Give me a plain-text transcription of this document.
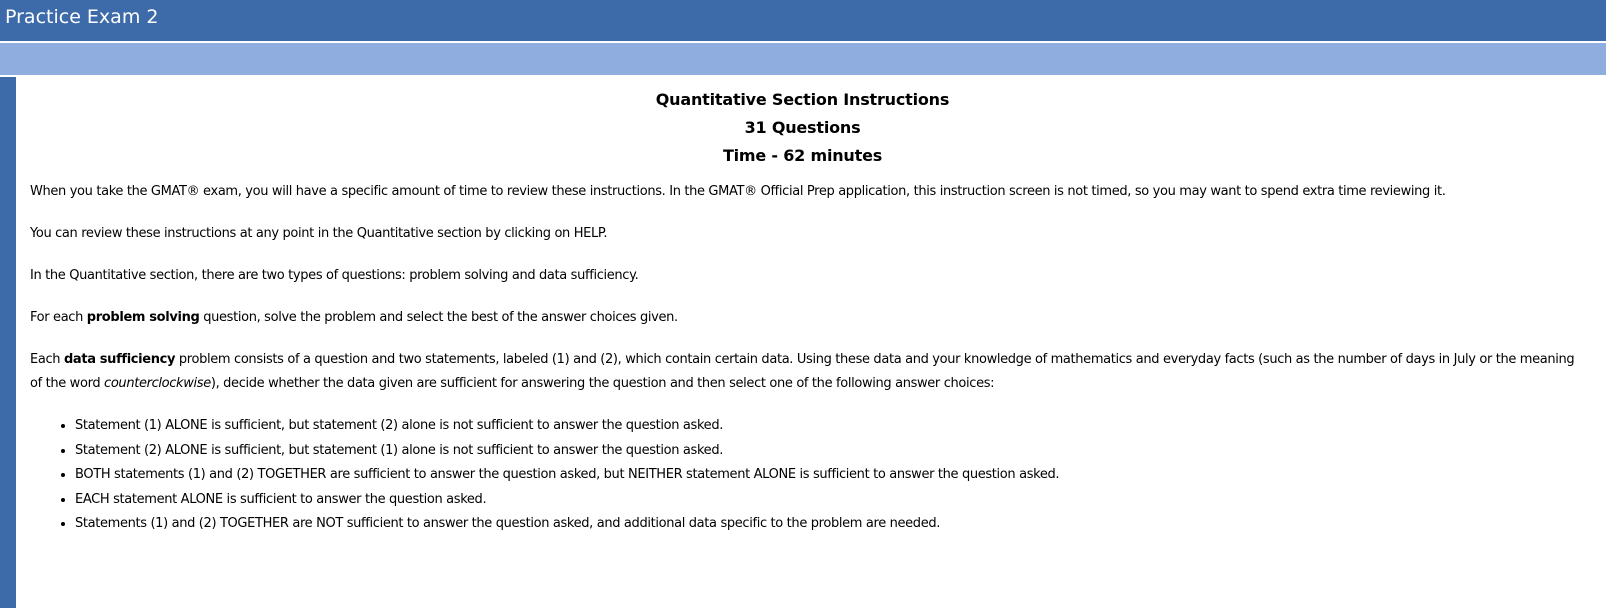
Practice Exam 2
Quantitative Section Instructions
31 Questions
Time - 62 minutes

When you take the GMAT® exam, you will have a specific amount of time to review these instructions. In the GMAT® Official Prep application, this instruction screen is not timed, so you may want to spend extra time reviewing it.

You can review these instructions at any point in the Quantitative section by clicking on HELP.

In the Quantitative section, there are two types of questions: problem solving and data sufficiency.

For each problem solving question, solve the problem and select the best of the answer choices given.

Each data sufficiency problem consists of a question and two statements, labeled (1) and (2), which contain certain data. Using these data and your knowledge of mathematics and everyday facts (such as the number of days in July or the meaning of the word counterclockwise), decide whether the data given are sufficient for answering the question and then select one of the following answer choices:

• Statement (1) ALONE is sufficient, but statement (2) alone is not sufficient to answer the question asked.
• Statement (2) ALONE is sufficient, but statement (1) alone is not sufficient to answer the question asked.
• BOTH statements (1) and (2) TOGETHER are sufficient to answer the question asked, but NEITHER statement ALONE is sufficient to answer the question asked.
• EACH statement ALONE is sufficient to answer the question asked.
• Statements (1) and (2) TOGETHER are NOT sufficient to answer the question asked, and additional data specific to the problem are needed.
